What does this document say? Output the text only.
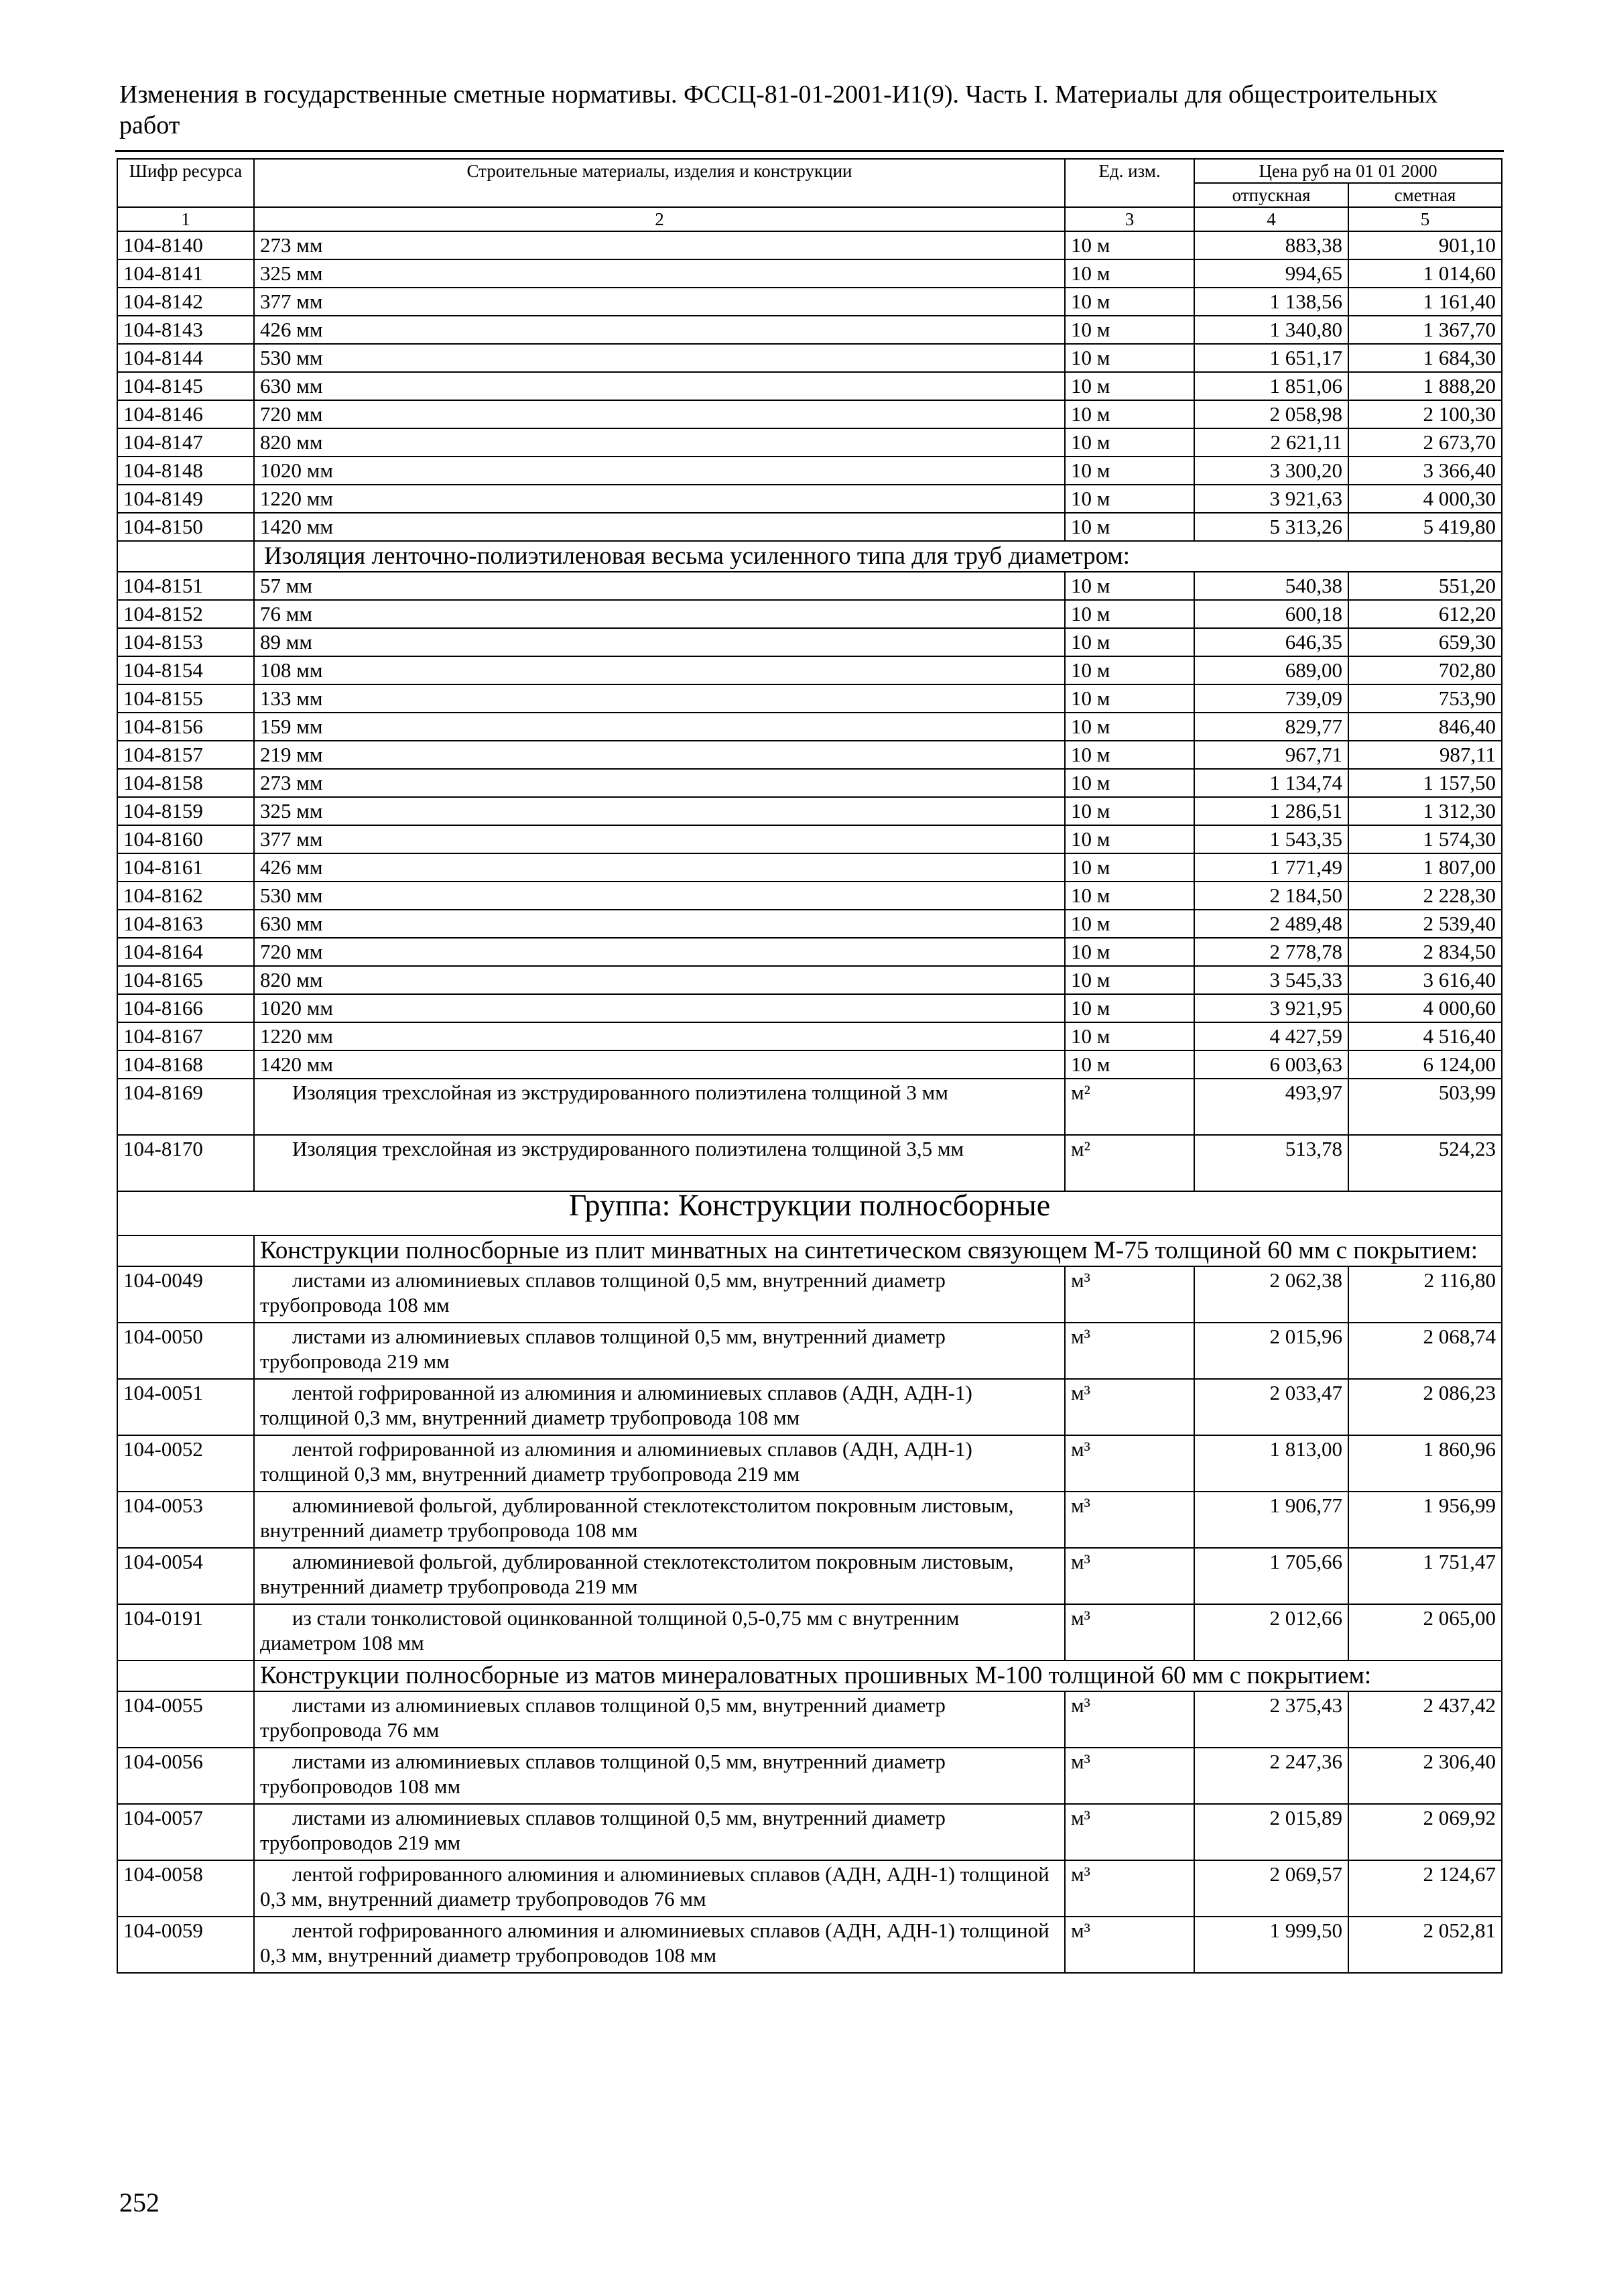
Изменения в государственные сметные нормативы. ФССЦ-81-01-2001-И1(9). Часть I. Материалы для общестроительных работ
Шифр ресурса	Строительные материалы, изделия и конструкции	Ед. изм.	Цена руб на 01 01 2000	
			отпускная	сметная
1	2	3	4	5
104-8140	273 мм	10 м	883,38	901,10
104-8141	325 мм	10 м	994,65	1 014,60
104-8142	377 мм	10 м	1 138,56	1 161,40
104-8143	426 мм	10 м	1 340,80	1 367,70
104-8144	530 мм	10 м	1 651,17	1 684,30
104-8145	630 мм	10 м	1 851,06	1 888,20
104-8146	720 мм	10 м	2 058,98	2 100,30
104-8147	820 мм	10 м	2 621,11	2 673,70
104-8148	1020 мм	10 м	3 300,20	3 366,40
104-8149	1220 мм	10 м	3 921,63	4 000,30
104-8150	1420 мм	10 м	5 313,26	5 419,80
	Изоляция ленточно-полиэтиленовая весьма усиленного типа для труб диаметром:			
104-8151	57 мм	10 м	540,38	551,20
104-8152	76 мм	10 м	600,18	612,20
104-8153	89 мм	10 м	646,35	659,30
104-8154	108 мм	10 м	689,00	702,80
104-8155	133 мм	10 м	739,09	753,90
104-8156	159 мм	10 м	829,77	846,40
104-8157	219 мм	10 м	967,71	987,11
104-8158	273 мм	10 м	1 134,74	1 157,50
104-8159	325 мм	10 м	1 286,51	1 312,30
104-8160	377 мм	10 м	1 543,35	1 574,30
104-8161	426 мм	10 м	1 771,49	1 807,00
104-8162	530 мм	10 м	2 184,50	2 228,30
104-8163	630 мм	10 м	2 489,48	2 539,40
104-8164	720 мм	10 м	2 778,78	2 834,50
104-8165	820 мм	10 м	3 545,33	3 616,40
104-8166	1020 мм	10 м	3 921,95	4 000,60
104-8167	1220 мм	10 м	4 427,59	4 516,40
104-8168	1420 мм	10 м	6 003,63	6 124,00
104-8169	Изоляция трехслойная из экструдированного полиэтилена толщиной 3 мм	м²	493,97	503,99
104-8170	Изоляция трехслойная из экструдированного полиэтилена толщиной 3,5 мм	м²	513,78	524,23
Группа: Конструкции полносборные				
	Конструкции полносборные из плит минватных на синтетическом связующем М-75 толщиной 60 мм с покрытием:			
104-0049	листами из алюминиевых сплавов толщиной 0,5 мм, внутренний диаметр трубопровода 108 мм	м³	2 062,38	2 116,80
104-0050	листами из алюминиевых сплавов толщиной 0,5 мм, внутренний диаметр трубопровода 219 мм	м³	2 015,96	2 068,74
104-0051	лентой гофрированной из алюминия и алюминиевых сплавов (АДН, АДН-1) толщиной 0,3 мм, внутренний диаметр трубопровода 108 мм	м³	2 033,47	2 086,23
104-0052	лентой гофрированной из алюминия и алюминиевых сплавов (АДН, АДН-1) толщиной 0,3 мм, внутренний диаметр трубопровода 219 мм	м³	1 813,00	1 860,96
104-0053	алюминиевой фольгой, дублированной стеклотекстолитом покровным листовым, внутренний диаметр трубопровода 108 мм	м³	1 906,77	1 956,99
104-0054	алюминиевой фольгой, дублированной стеклотекстолитом покровным листовым, внутренний диаметр трубопровода 219 мм	м³	1 705,66	1 751,47
104-0191	из стали тонколистовой оцинкованной толщиной 0,5-0,75 мм с внутренним диаметром 108 мм	м³	2 012,66	2 065,00
	Конструкции полносборные из матов минераловатных прошивных М-100 толщиной 60 мм с покрытием:			
104-0055	листами из алюминиевых сплавов толщиной 0,5 мм, внутренний диаметр трубопровода 76 мм	м³	2 375,43	2 437,42
104-0056	листами из алюминиевых сплавов толщиной 0,5 мм, внутренний диаметр трубопроводов 108 мм	м³	2 247,36	2 306,40
104-0057	листами из алюминиевых сплавов толщиной 0,5 мм, внутренний диаметр трубопроводов 219 мм	м³	2 015,89	2 069,92
104-0058	лентой гофрированного алюминия и алюминиевых сплавов (АДН, АДН-1) толщиной 0,3 мм, внутренний диаметр трубопроводов 76 мм	м³	2 069,57	2 124,67
104-0059	лентой гофрированного алюминия и алюминиевых сплавов (АДН, АДН-1) толщиной 0,3 мм, внутренний диаметр трубопроводов 108 мм	м³	1 999,50	2 052,81
252
